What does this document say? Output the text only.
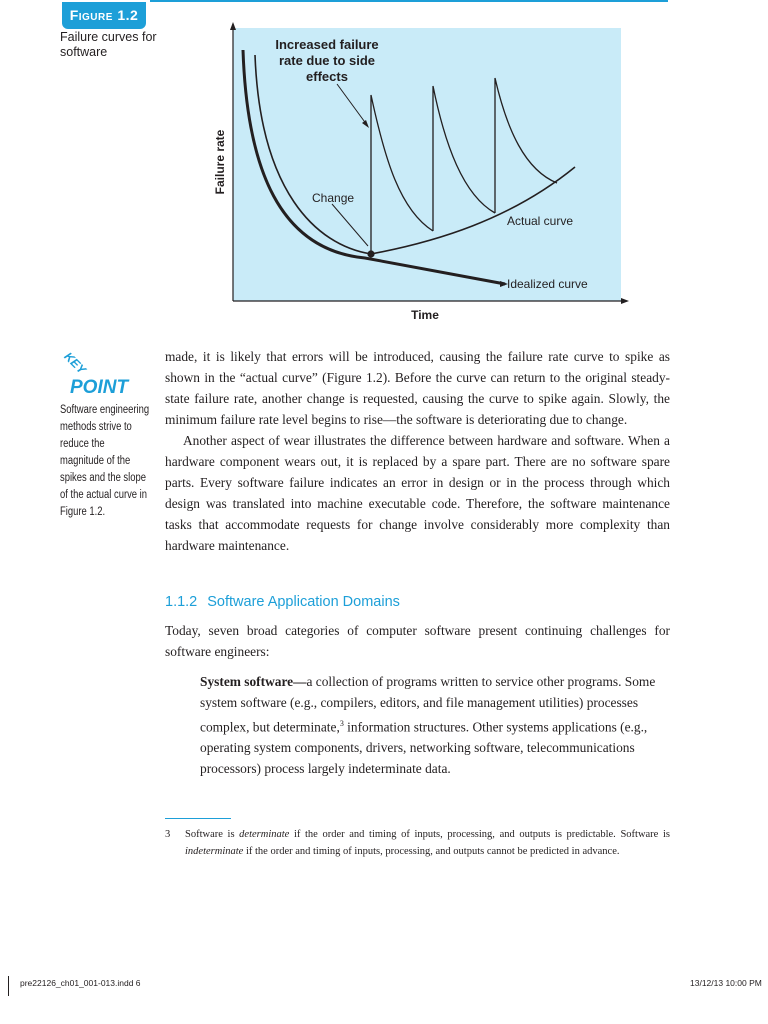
Figure 1.2
Failure curves for software	Increased failure
rate due to side
effects
Change
Actual curve
Idealized curve
Time
Failure rate
KEY
POINT
Software engineering methods strive to reduce the magnitude of the spikes and the slope of the actual curve in Figure 1.2.

made, it is likely that errors will be introduced, causing the failure rate curve to spike as shown in the “actual curve” (Figure 1.2). Before the curve can return to the original steady-state failure rate, another change is requested, causing the curve to spike again. Slowly, the minimum failure rate level begins to rise—the software is deteriorating due to change.

Another aspect of wear illustrates the difference between hardware and software. When a hardware component wears out, it is replaced by a spare part. There are no software spare parts. Every software failure indicates an error in design or in the process through which design was translated into machine executable code. Therefore, the software maintenance tasks that accommodate requests for change involve considerably more complexity than hardware maintenance.

1.1.2 Software Application Domains

Today, seven broad categories of computer software present continuing challenges for software engineers:

System software—a collection of programs written to service other programs. Some system software (e.g., compilers, editors, and file management utilities) processes complex, but determinate,$^3$ information structures. Other systems applications (e.g., operating system components, drivers, networking software, telecommunications processors) process largely indeterminate data.
3 Software is determinate if the order and timing of inputs, processing, and outputs is predictable. Software is indeterminate if the order and timing of inputs, processing, and outputs cannot be predicted in advance.
pre22126_ch01_001-013.indd 6	13/12/13 10:00 PM
